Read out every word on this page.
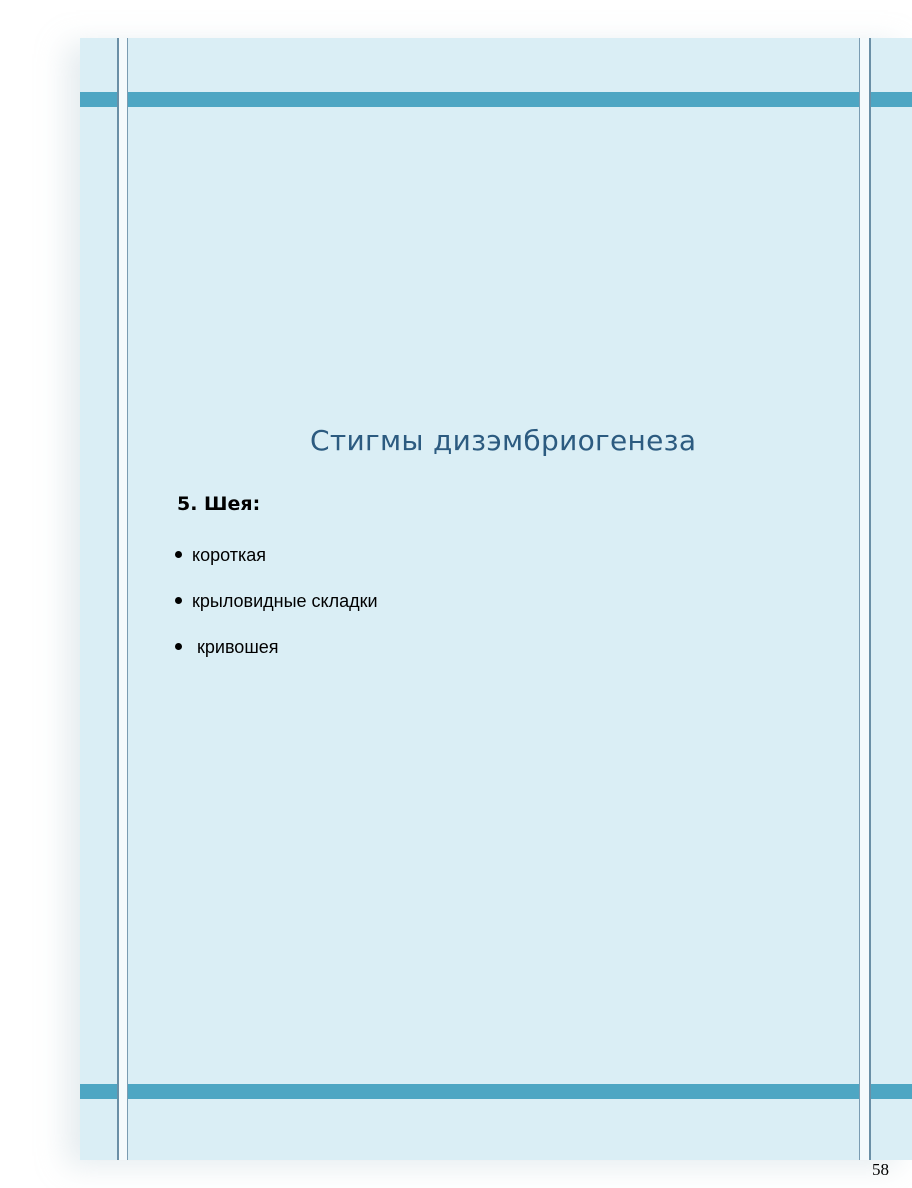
Стигмы дизэмбриогенеза
5. Шея:
короткая
крыловидные складки
кривошея
58
